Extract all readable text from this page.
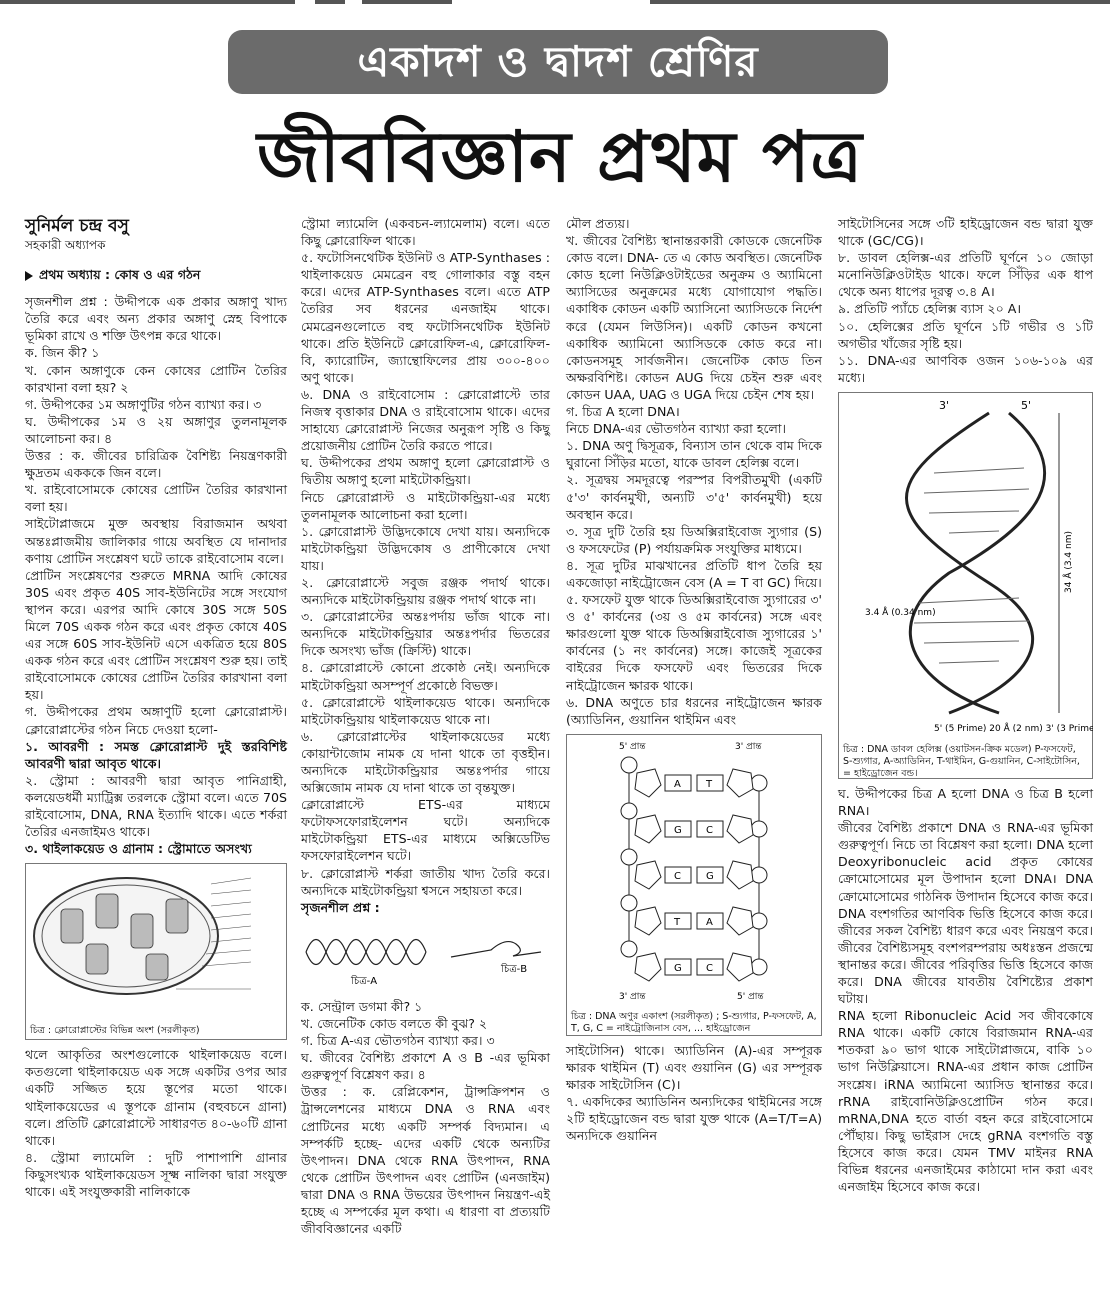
একাদশ ও দ্বাদশ শ্রেণির
জীববিজ্ঞান প্রথম পত্র
সুনির্মল চন্দ্র বসু
সহকারী অধ্যাপক
প্রথম অধ্যায় : কোষ ও এর গঠন

সৃজনশীল প্রশ্ন : উদ্দীপকে এক প্রকার অঙ্গাণু খাদ্য তৈরি করে এবং অন্য প্রকার অঙ্গাণু স্নেহ বিপাকে ভূমিকা রাখে ও শক্তি উৎপন্ন করে থাকে।

ক. জিন কী? ১

খ. কোন অঙ্গাণুকে কেন কোষের প্রোটিন তৈরির কারখানা বলা হয়? ২

গ. উদ্দীপকের ১ম অঙ্গাণুটির গঠন ব্যাখ্যা কর। ৩

ঘ. উদ্দীপকের ১ম ও ২য় অঙ্গাণুর তুলনামূলক আলোচনা কর। ৪

উত্তর : ক. জীবের চারিত্রিক বৈশিষ্ট্য নিয়ন্ত্রণকারী ক্ষুদ্রতম একককে জিন বলে।

খ. রাইবোসোমকে কোষের প্রোটিন তৈরির কারখানা বলা হয়।

সাইটোপ্লাজমে মুক্ত অবস্থায় বিরাজমান অথবা অন্তঃপ্লাজমীয় জালিকার গায়ে অবস্থিত যে দানাদার কণায় প্রোটিন সংশ্লেষণ ঘটে তাকে রাইবোসোম বলে।

প্রোটিন সংশ্লেষণের শুরুতে MRNA আদি কোষের 30S এবং প্রকৃত 40S সাব-ইউনিটের সঙ্গে সংযোগ স্থাপন করে। এরপর আদি কোষে 30S সঙ্গে 50S মিলে 70S একক গঠন করে এবং প্রকৃত কোষে 40S এর সঙ্গে 60S সাব-ইউনিট এসে একত্রিত হয়ে 80S একক গঠন করে এবং প্রোটিন সংশ্লেষণ শুরু হয়। তাই রাইবোসোমকে কোষের প্রোটিন তৈরির কারখানা বলা হয়।

গ. উদ্দীপকের প্রথম অঙ্গাণুটি হলো ক্লোরোপ্লাস্ট। ক্লোরোপ্লাস্টের গঠন নিচে দেওয়া হলো-

১. আবরণী : সমস্ত ক্লোরোপ্লাস্ট দুই স্তরবিশিষ্ট আবরণী দ্বারা আবৃত থাকে।

২. স্ট্রোমা : আবরণী দ্বারা আবৃত পানিগ্রাহী, কলয়েডধর্মী ম্যাট্রিক্স তরলকে স্ট্রোমা বলে। এতে 70S রাইবোসোম, DNA, RNA ইত্যাদি থাকে। এতে শর্করা তৈরির এনজাইমও থাকে।

৩. থাইলাকয়েড ও গ্রানাম : স্ট্রোমাতে অসংখ্য

চিত্র : ক্লোরোপ্লাস্টের বিভিন্ন অংশ (সরলীকৃত)

থলে আকৃতির অংশগুলোকে থাইলাকয়েড বলে। কতগুলো থাইলাকয়েড এক সঙ্গে একটির ওপর আর একটি সজ্জিত হয়ে স্তূপের মতো থাকে। থাইলাকয়েডের এ স্তূপকে গ্রানাম (বহুবচনে গ্রানা) বলে। প্রতিটি ক্লোরোপ্লাস্টে সাধারণত ৪০-৬০টি গ্রানা থাকে।

৪. স্ট্রোমা ল্যামেলি : দুটি পাশাপাশি গ্রানার কিছুসংখ্যক থাইলাকয়েডস সূক্ষ্ম নালিকা দ্বারা সংযুক্ত থাকে। এই সংযুক্তকারী নালিকাকে

স্ট্রোমা ল্যামেলি (একবচন-ল্যামেলাম) বলে। এতে কিছু ক্লোরোফিল থাকে।

৫. ফটোসিনথেটিক ইউনিট ও ATP-Synthases : থাইলাকয়েড মেমব্রেন বহু গোলাকার বস্তু বহন করে। এদের ATP-Synthases বলে। এতে ATP তৈরির সব ধরনের এনজাইম থাকে। মেমব্রেনগুলোতে বহু ফটোসিনথেটিক ইউনিট থাকে। প্রতি ইউনিটে ক্লোরোফিল-এ, ক্লোরোফিল-বি, ক্যারোটিন, জ্যান্থোফিলের প্রায় ৩০০-৪০০ অণু থাকে।

৬. DNA ও রাইবোসোম : ক্লোরোপ্লাস্টে তার নিজস্ব বৃত্তাকার DNA ও রাইবোসোম থাকে। এদের সাহায্যে ক্লোরোপ্লাস্ট নিজের অনুরূপ সৃষ্টি ও কিছু প্রয়োজনীয় প্রোটিন তৈরি করতে পারে।

ঘ. উদ্দীপকের প্রথম অঙ্গাণু হলো ক্লোরোপ্লাস্ট ও দ্বিতীয় অঙ্গাণু হলো মাইটোকন্ড্রিয়া।

নিচে ক্লোরোপ্লাস্ট ও মাইটোকন্ড্রিয়া-এর মধ্যে তুলনামূলক আলোচনা করা হলো।

১. ক্লোরোপ্লাস্ট উদ্ভিদকোষে দেখা যায়। অন্যদিকে মাইটোকন্ড্রিয়া উদ্ভিদকোষ ও প্রাণীকোষে দেখা যায়।

২. ক্লোরোপ্লাস্টে সবুজ রঞ্জক পদার্থ থাকে। অন্যদিকে মাইটোকন্ড্রিয়ায় রঞ্জক পদার্থ থাকে না।

৩. ক্লোরোপ্লাস্টের অন্তঃপর্দায় ভাঁজ থাকে না। অন্যদিকে মাইটোকন্ড্রিয়ার অন্তঃপর্দার ভিতরের দিকে অসংখ্য ভাঁজ (ক্রিস্টি) থাকে।

৪. ক্লোরোপ্লাস্টে কোনো প্রকোষ্ঠ নেই। অন্যদিকে মাইটোকন্ড্রিয়া অসম্পূর্ণ প্রকোষ্ঠে বিভক্ত।

৫. ক্লোরোপ্লাস্টে থাইলাকয়েড থাকে। অন্যদিকে মাইটোকন্ড্রিয়ায় থাইলাকয়েড থাকে না।

৬. ক্লোরোপ্লাস্টের থাইলাকয়েডের মধ্যে কোয়ান্টাজোম নামক যে দানা থাকে তা বৃত্তহীন। অন্যদিকে মাইটোকন্ড্রিয়ার অন্তঃপর্দার গায়ে অক্সিজোম নামক যে দানা থাকে তা বৃন্তযুক্ত।

ক্লোরোপ্লাস্টে ETS-এর মাধ্যমে ফটোফসফোরাইলেশন ঘটে। অন্যদিকে মাইটোকন্ড্রিয়া ETS-এর মাধ্যমে অক্সিডেটিভ ফসফোরাইলেশন ঘটে।

৮. ক্লোরোপ্লাস্ট শর্করা জাতীয় খাদ্য তৈরি করে। অন্যদিকে মাইটোকন্ড্রিয়া শ্বসনে সহায়তা করে।

সৃজনশীল প্রশ্ন :

চিত্র-A
চিত্র-B

ক. সেন্ট্রাল ডগমা কী? ১

খ. জেনেটিক কোড বলতে কী বুঝ? ২

গ. চিত্র A-এর ভৌতগঠন ব্যাখ্যা কর। ৩

ঘ. জীবের বৈশিষ্ট্য প্রকাশে A ও B -এর ভূমিকা গুরুত্বপূর্ণ বিশ্লেষণ কর। ৪

উত্তর : ক. রেপ্লিকেশন, ট্রান্সক্রিপশন ও ট্রান্সলেশনের মাধ্যমে DNA ও RNA এবং প্রোটিনের মধ্যে একটি সম্পর্ক বিদ্যমান। এ সম্পর্কটি হচ্ছে- এদের একটি থেকে অন্যটির উৎপাদন। DNA থেকে RNA উৎপাদন, RNA থেকে প্রোটিন উৎপাদন এবং প্রোটিন (এনজাইম) দ্বারা DNA ও RNA উভয়ের উৎপাদন নিয়ন্ত্রণ-এই হচ্ছে এ সম্পর্কের মূল কথা। এ ধারণা বা প্রত্যয়টি জীববিজ্ঞানের একটি

মৌল প্রত্যয়।

খ. জীবের বৈশিষ্ট্য স্থানান্তরকারী কোডকে জেনেটিক কোড বলে। DNA- তে এ কোড অবস্থিত। জেনেটিক কোড হলো নিউক্লিওটাইডের অনুক্রম ও অ্যামিনো অ্যাসিডের অনুক্রমের মধ্যে যোগাযোগ পদ্ধতি। একাধিক কোডন একটি অ্যাসিনো অ্যাসিডকে নির্দেশ করে (যেমন লিউসিন)। একটি কোডন কখনো একাধিক অ্যামিনো অ্যাসিডকে কোড করে না। কোডনসমূহ সার্বজনীন। জেনেটিক কোড তিন অক্ষরবিশিষ্ট। কোডন AUG দিয়ে চেইন শুরু এবং কোডন UAA, UAG ও UGA দিয়ে চেইন শেষ হয়।

গ. চিত্র A হলো DNA।

নিচে DNA-এর ভৌতগঠন ব্যাখ্যা করা হলো।

১. DNA অণু দ্বিসূত্রক, বিন্যাস তান থেকে বাম দিকে ঘুরানো সিঁড়ির মতো, যাকে ডাবল হেলিক্স বলে।

২. সূত্রদ্বয় সমদূরত্বে পরস্পর বিপরীতমুখী (একটি ৫'৩' কার্বনমুখী, অন্যটি ৩'৫' কার্বনমুখী) হয়ে অবস্থান করে।

৩. সূত্র দুটি তৈরি হয় ডিঅক্সিরাইবোজ স্যুগার (S) ও ফসফেটের (P) পর্যায়ক্রমিক সংযুক্তির মাধ্যমে।

৪. সূত্র দুটির মাঝখানের প্রতিটি ধাপ তৈরি হয় একজোড়া নাইট্রোজেন বেস (A = T বা GC) দিয়ে।

৫. ফসফেট যুক্ত থাকে ডিঅক্সিরাইবোজ স্যুগারের ৩' ও ৫' কার্বনের (৩য় ও ৫ম কার্বনের) সঙ্গে এবং ক্ষারগুলো যুক্ত থাকে ডিঅক্সিরাইবোজ স্যুগারের ১' কার্বনের (১ নং কার্বনের) সঙ্গে। কাজেই সূত্রকের বাইরের দিকে ফসফেট এবং ভিতরের দিকে নাইট্রোজেন ক্ষারক থাকে।

৬. DNA অণুতে চার ধরনের নাইট্রোজেন ক্ষারক (অ্যাডিনিন, গুয়ানিন থাইমিন এবং

5' প্রান্ত	3' প্রান্ত
3' প্রান্ত	5' প্রান্ত
A	T
G C
C	G
T	A
G C
চিত্র : DNA অণুর একাংশ (সরলীকৃত) ; S-শ্যুগার, P-ফসফেট, A, T, G, C = নাইট্রোজিনাস বেস, ... হাইড্রোজেন

সাইটোসিন) থাকে। অ্যাডিনিন (A)-এর সম্পূরক ক্ষারক থাইমিন (T) এবং গুয়ানিন (G) এর সম্পূরক ক্ষারক সাইটোসিন (C)।

৭. একদিকের অ্যাডিনিন অন্যদিকের থাইমিনের সঙ্গে ২টি হাইড্রোজেন বন্ড দ্বারা যুক্ত থাকে (A=T/T=A) অন্যদিকে গুয়ানিন

সাইটোসিনের সঙ্গে ৩টি হাইড্রোজেন বন্ড দ্বারা যুক্ত থাকে (GC/CG)।

৮. ডাবল হেলিক্স-এর প্রতিটি ঘূর্ণনে ১০ জোড়া মনোনিউক্লিওটাইড থাকে। ফলে সিঁড়ির এক ধাপ থেকে অন্য ধাপের দূরত্ব ৩.৪ A।

৯. প্রতিটি প্যাঁচে হেলিক্স ব্যাস ২০ A।

১০. হেলিক্সের প্রতি ঘূর্ণনে ১টি গভীর ও ১টি অগভীর খাঁজের সৃষ্টি হয়।

১১. DNA-এর আণবিক ওজন ১০৬-১০৯ এর মধ্যে।

3'	5'
34 Å (3.4 nm)
3.4 Å (0.34 nm)
5' (5 Prime) 20 Å (2 nm) 3' (3 Prime)
চিত্র : DNA ডাবল হেলিক্স (ওয়াটসন-ক্রিক মডেল) P-ফসফেট, S-শ্যুগার, A-অ্যাডিনিন, T-থাইমিন, G-গুয়ানিন, C-সাইটোসিন, = হাইড্রোজেন বন্ড।

ঘ. উদ্দীপকের চিত্র A হলো DNA ও চিত্র B হলো RNA।

জীবের বৈশিষ্ট্য প্রকাশে DNA ও RNA-এর ভূমিকা গুরুত্বপূর্ণ। নিচে তা বিশ্লেষণ করা হলো। DNA হলো Deoxyribonucleic acid প্রকৃত কোষের ক্রোমোসোমের মূল উপাদান হলো DNA। DNA ক্রোমোসোমের গাঠনিক উপাদান হিসেবে কাজ করে। DNA বংশগতির আণবিক ভিত্তি হিসেবে কাজ করে। জীবের সকল বৈশিষ্ট্য ধারণ করে এবং নিয়ন্ত্রণ করে। জীবের বৈশিষ্ট্যসমূহ বংশপরম্পরায় অধঃস্তন প্রজন্মে স্থানান্তর করে। জীবের পরিবৃত্তির ভিত্তি হিসেবে কাজ করে। DNA জীবের যাবতীয় বৈশিষ্ট্যের প্রকাশ ঘটায়।

RNA হলো Ribonucleic Acid সব জীবকোষে RNA থাকে। একটি কোষে বিরাজমান RNA-এর শতকরা ৯০ ভাগ থাকে সাইটোপ্লাজমে, বাকি ১০ ভাগ নিউক্লিয়াসে। RNA-এর প্রধান কাজ প্রোটিন সংশ্লেষ। iRNA অ্যামিনো অ্যাসিড স্থানান্তর করে। rRNA রাইবোনিউক্লিওপ্রোটিন গঠন করে। mRNA,DNA হতে বার্তা বহন করে রাইবোসোমে পৌঁছায়। কিছু ভাইরাস দেহে gRNA বংশগতি বস্তু হিসেবে কাজ করে। যেমন TMV মাইনর RNA বিভিন্ন ধরনের এনজাইমের কাঠামো দান করা এবং এনজাইম হিসেবে কাজ করে।
